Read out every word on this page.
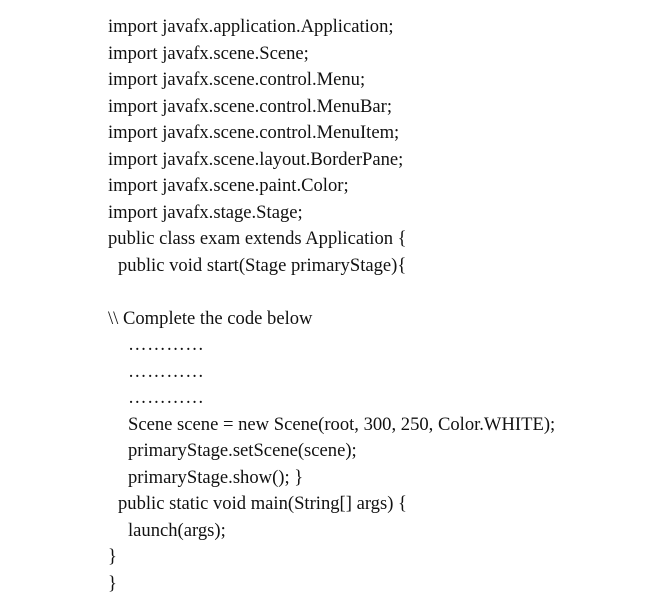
import javafx.application.Application;
import javafx.scene.Scene;
import javafx.scene.control.Menu;
import javafx.scene.control.MenuBar;
import javafx.scene.control.MenuItem;
import javafx.scene.layout.BorderPane;
import javafx.scene.paint.Color;
import javafx.stage.Stage;
public class exam extends Application {
public void start(Stage primaryStage){
\\ Complete the code below
…………
…………
…………
Scene scene = new Scene(root, 300, 250, Color.WHITE);
primaryStage.setScene(scene);
primaryStage.show(); }
public static void main(String[] args) {
launch(args);
}
}
